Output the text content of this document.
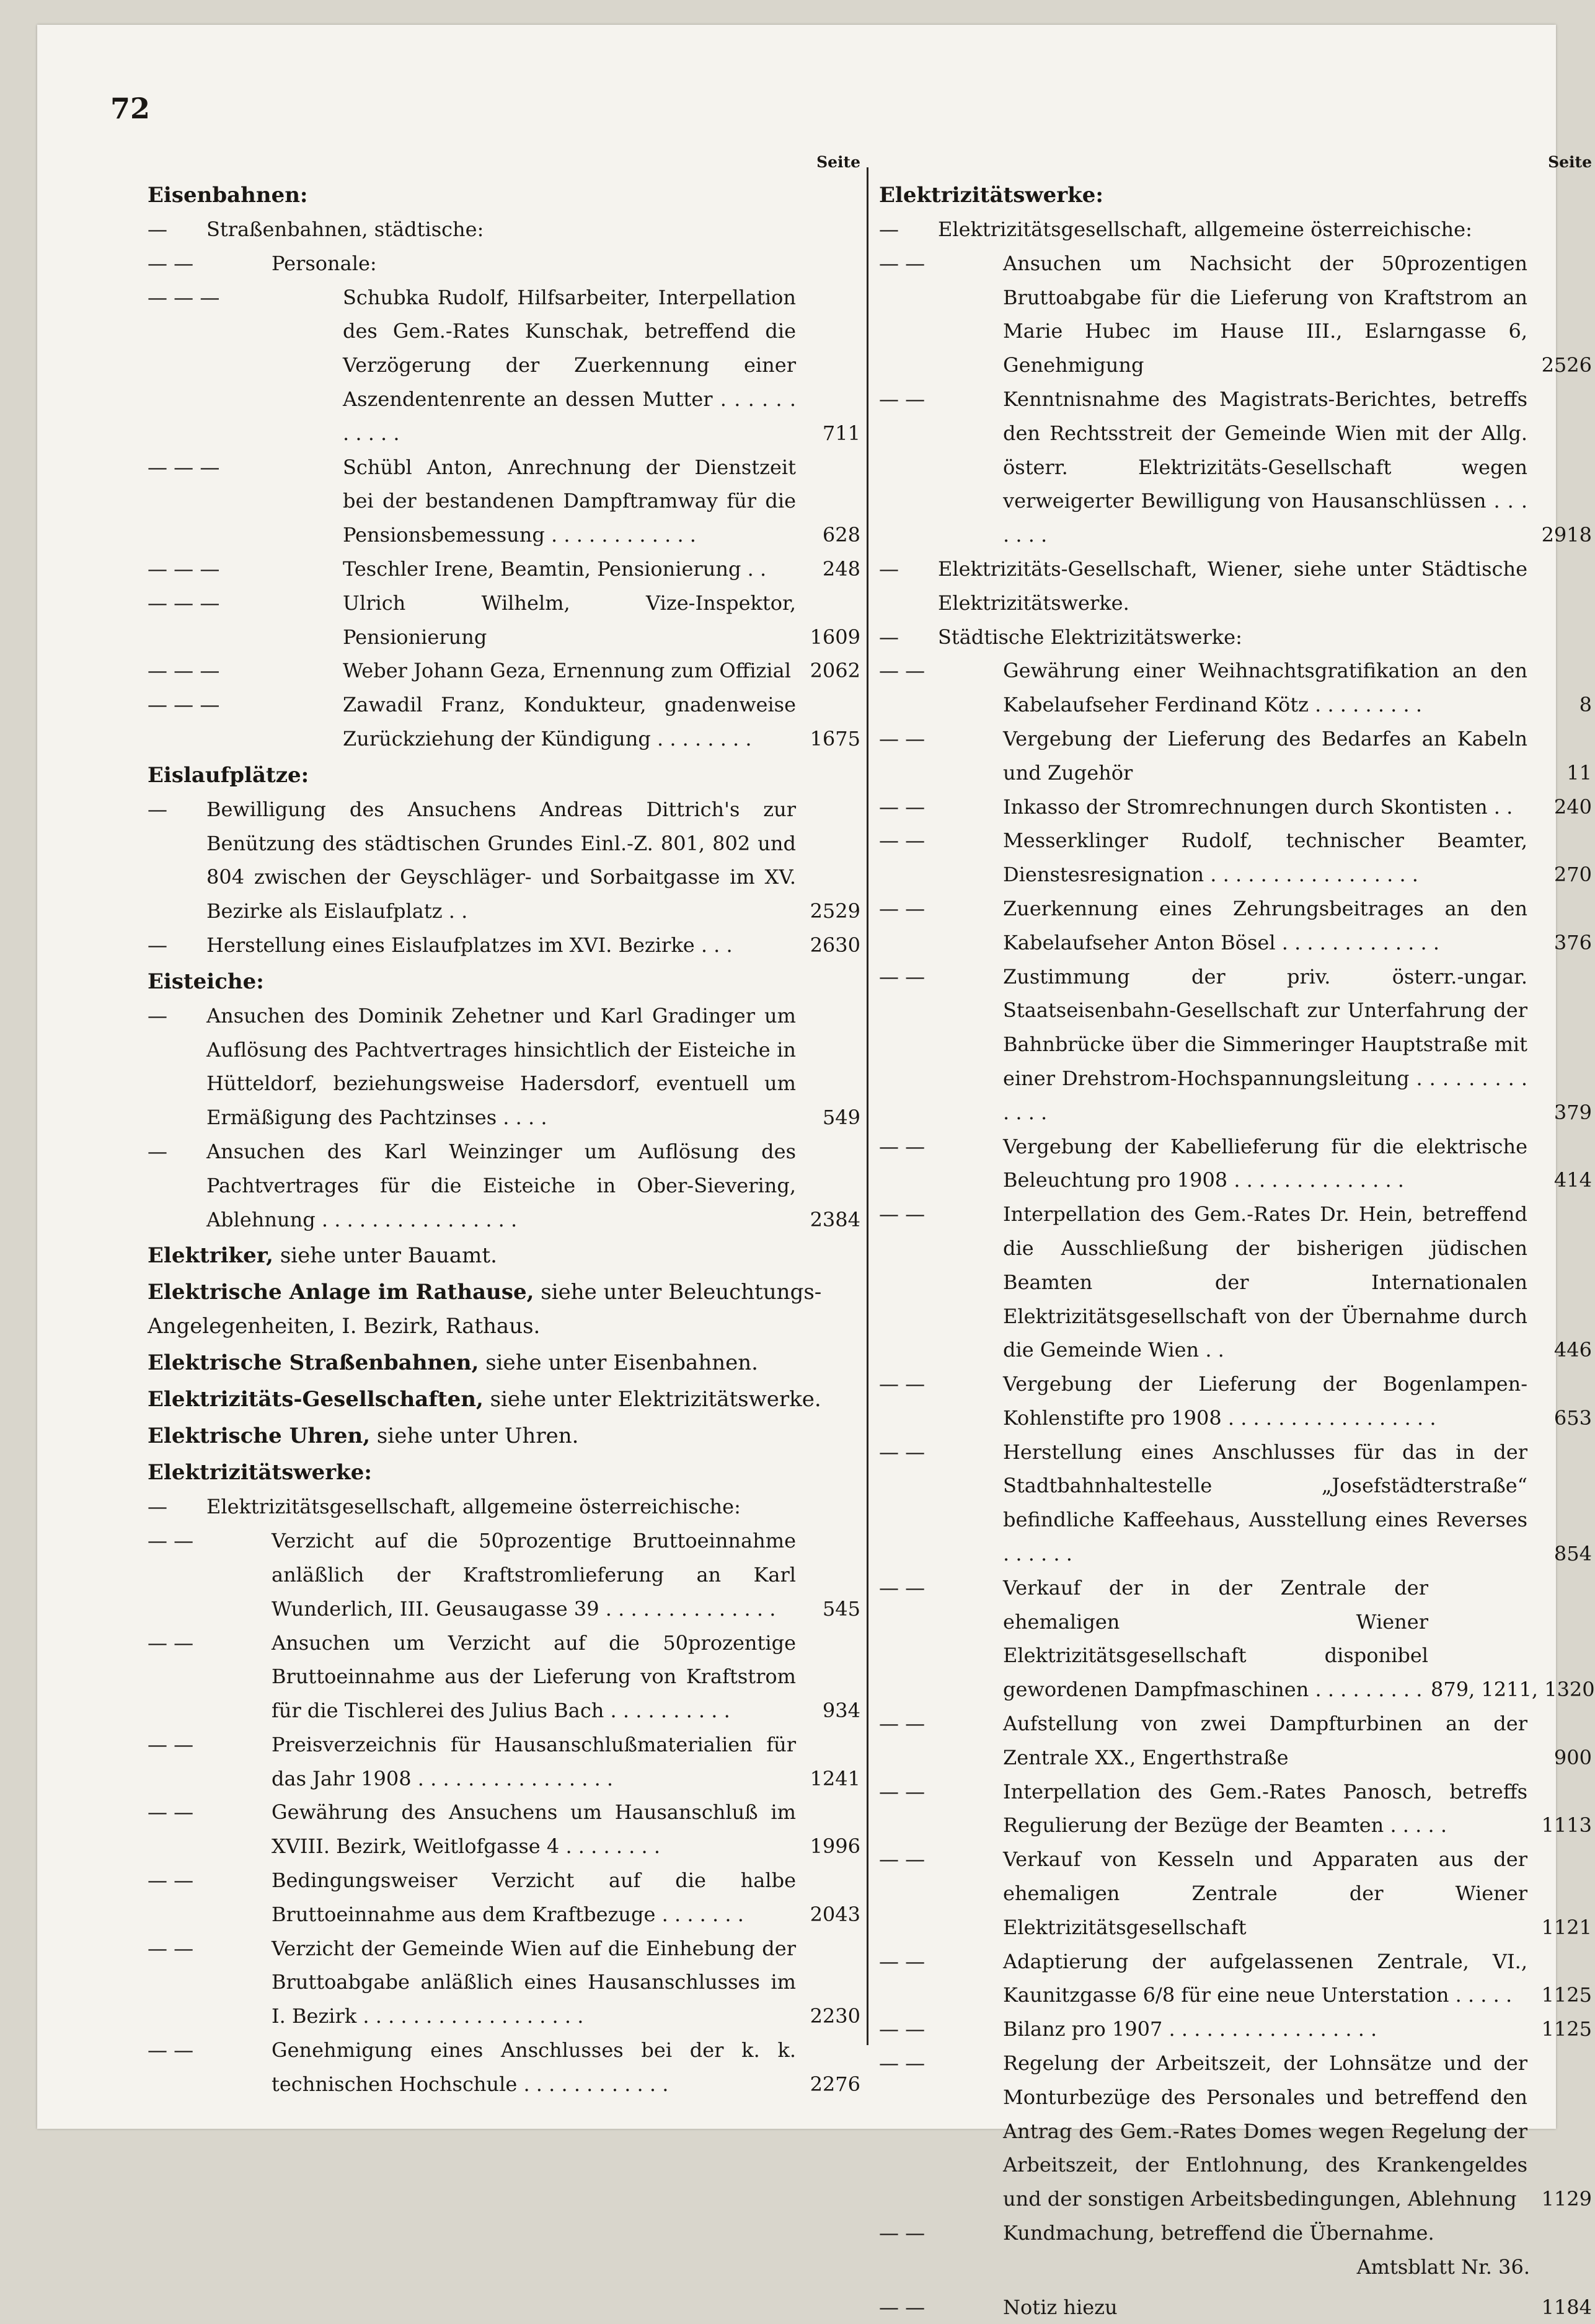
72
Seite
Eisenbahnen:
—	Straßenbahnen, städtische:
— —	Personale:
— — —	Schubka Rudolf, Hilfsarbeiter, Interpellation des Gem.-Rates Kunschak, betreffend die Verzögerung der Zuerkennung einer Aszendentenrente an dessen Mutter . . . . . . . . . . .	711
— — —	Schübl Anton, Anrechnung der Dienstzeit bei der bestandenen Dampftramway für die Pensionsbemessung . . . . . . . . . . . .	628
— — —	Teschler Irene, Beamtin, Pensionierung . .	248
— — —	Ulrich Wilhelm, Vize-Inspektor, Pensionierung	1609
— — —	Weber Johann Geza, Ernennung zum Offizial 2062
— — —	Zawadil Franz, Kondukteur, gnadenweise Zurückziehung der Kündigung . . . . . . . .	1675
Eislaufplätze:
—	Bewilligung des Ansuchens Andreas Dittrich's zur Benützung des städtischen Grundes Einl.-Z. 801, 802 und 804 zwischen der Geyschläger- und Sorbaitgasse im XV. Bezirke als Eislaufplatz . .	2529
—	Herstellung eines Eislaufplatzes im XVI. Bezirke . . .	2630
Eisteiche:
—	Ansuchen des Dominik Zehetner und Karl Gradinger um Auflösung des Pachtvertrages hinsichtlich der Eisteiche in Hütteldorf, beziehungsweise Hadersdorf, eventuell um Ermäßigung des Pachtzinses . . . .	549
—	Ansuchen des Karl Weinzinger um Auflösung des Pachtvertrages für die Eisteiche in Ober-Sievering, Ablehnung . . . . . . . . . . . . . . . .	2384
Elektriker, siehe unter Bauamt.
Elektrische Anlage im Rathause, siehe unter Beleuchtungs-Angelegenheiten, I. Bezirk, Rathaus.
Elektrische Straßenbahnen, siehe unter Eisenbahnen.
Elektrizitäts-Gesellschaften, siehe unter Elektrizitätswerke.
Elektrische Uhren, siehe unter Uhren.
Elektrizitätswerke:
—	Elektrizitätsgesellschaft, allgemeine österreichische:
— —	Verzicht auf die 50prozentige Bruttoeinnahme anläßlich der Kraftstromlieferung an Karl Wunderlich, III. Geusaugasse 39 . . . . . . . . . . . . . .	545
— —	Ansuchen um Verzicht auf die 50prozentige Bruttoeinnahme aus der Lieferung von Kraftstrom für die Tischlerei des Julius Bach . . . . . . . . . .	934
— —	Preisverzeichnis für Hausanschlußmaterialien für das Jahr 1908 . . . . . . . . . . . . . . . .	1241
— —	Gewährung des Ansuchens um Hausanschluß im XVIII. Bezirk, Weitlofgasse 4 . . . . . . . .	1996
— —	Bedingungsweiser Verzicht auf die halbe Bruttoeinnahme aus dem Kraftbezuge . . . . . . .	2043
— —	Verzicht der Gemeinde Wien auf die Einhebung der Bruttoabgabe anläßlich eines Hausanschlusses im I. Bezirk . . . . . . . . . . . . . . . . . .	2230
— —	Genehmigung eines Anschlusses bei der k. k. technischen Hochschule . . . . . . . . . . . .	2276
Seite
Elektrizitätswerke:
—	Elektrizitätsgesellschaft, allgemeine österreichische:
— —	Ansuchen um Nachsicht der 50prozentigen Bruttoabgabe für die Lieferung von Kraftstrom an Marie Hubec im Hause III., Eslarngasse 6, Genehmigung	2526
— —	Kenntnisnahme des Magistrats-Berichtes, betreffs den Rechtsstreit der Gemeinde Wien mit der Allg. österr. Elektrizitäts-Gesellschaft wegen verweigerter Bewilligung von Hausanschlüssen . . . . . . .	2918
—	Elektrizitäts-Gesellschaft, Wiener, siehe unter Städtische Elektrizitätswerke.
—	Städtische Elektrizitätswerke:
— —	Gewährung einer Weihnachtsgratifikation an den Kabelaufseher Ferdinand Kötz . . . . . . . . .	8
— —	Vergebung der Lieferung des Bedarfes an Kabeln und Zugehör	11
— —	Inkasso der Stromrechnungen durch Skontisten . .	240
— —	Messerklinger Rudolf, technischer Beamter, Dienstesresignation . . . . . . . . . . . . . . . . .	270
— —	Zuerkennung eines Zehrungsbeitrages an den Kabelaufseher Anton Bösel . . . . . . . . . . . . .	376
— —	Zustimmung der priv. österr.-ungar. Staatseisenbahn-Gesellschaft zur Unterfahrung der Bahnbrücke über die Simmeringer Hauptstraße mit einer Drehstrom-Hochspannungsleitung . . . . . . . . . . . . .	379
— —	Vergebung der Kabellieferung für die elektrische Beleuchtung pro 1908 . . . . . . . . . . . . . .	414
— —	Interpellation des Gem.-Rates Dr. Hein, betreffend die Ausschließung der bisherigen jüdischen Beamten der Internationalen Elektrizitätsgesellschaft von der Übernahme durch die Gemeinde Wien . .	446
— —	Vergebung der Lieferung der Bogenlampen-Kohlenstifte pro 1908 . . . . . . . . . . . . . . . . .	653
— —	Herstellung eines Anschlusses für das in der Stadtbahnhaltestelle „Josefstädterstraße“ befindliche Kaffeehaus, Ausstellung eines Reverses . . . . . .	854
— —	Verkauf der in der Zentrale der ehemaligen Wiener Elektrizitätsgesellschaft disponibel gewordenen Dampfmaschinen . . . . . . . . . 879, 1211, 1320
— —	Aufstellung von zwei Dampfturbinen an der Zentrale XX., Engerthstraße	900
— —	Interpellation des Gem.-Rates Panosch, betreffs Regulierung der Bezüge der Beamten . . . . .	1113
— —	Verkauf von Kesseln und Apparaten aus der ehemaligen Zentrale der Wiener Elektrizitätsgesellschaft	1121
— —	Adaptierung der aufgelassenen Zentrale, VI., Kaunitzgasse 6/8 für eine neue Unterstation . . . . .	1125
— —	Bilanz pro 1907 . . . . . . . . . . . . . . . . .	1125
— —	Regelung der Arbeitszeit, der Lohnsätze und der Monturbezüge des Personales und betreffend den Antrag des Gem.-Rates Domes wegen Regelung der Arbeitszeit, der Entlohnung, des Krankengeldes und der sonstigen Arbeitsbedingungen, Ablehnung	1129
— —	Kundmachung, betreffend die Übernahme.
Amtsblatt Nr. 36.
— —	Notiz hiezu	1184
